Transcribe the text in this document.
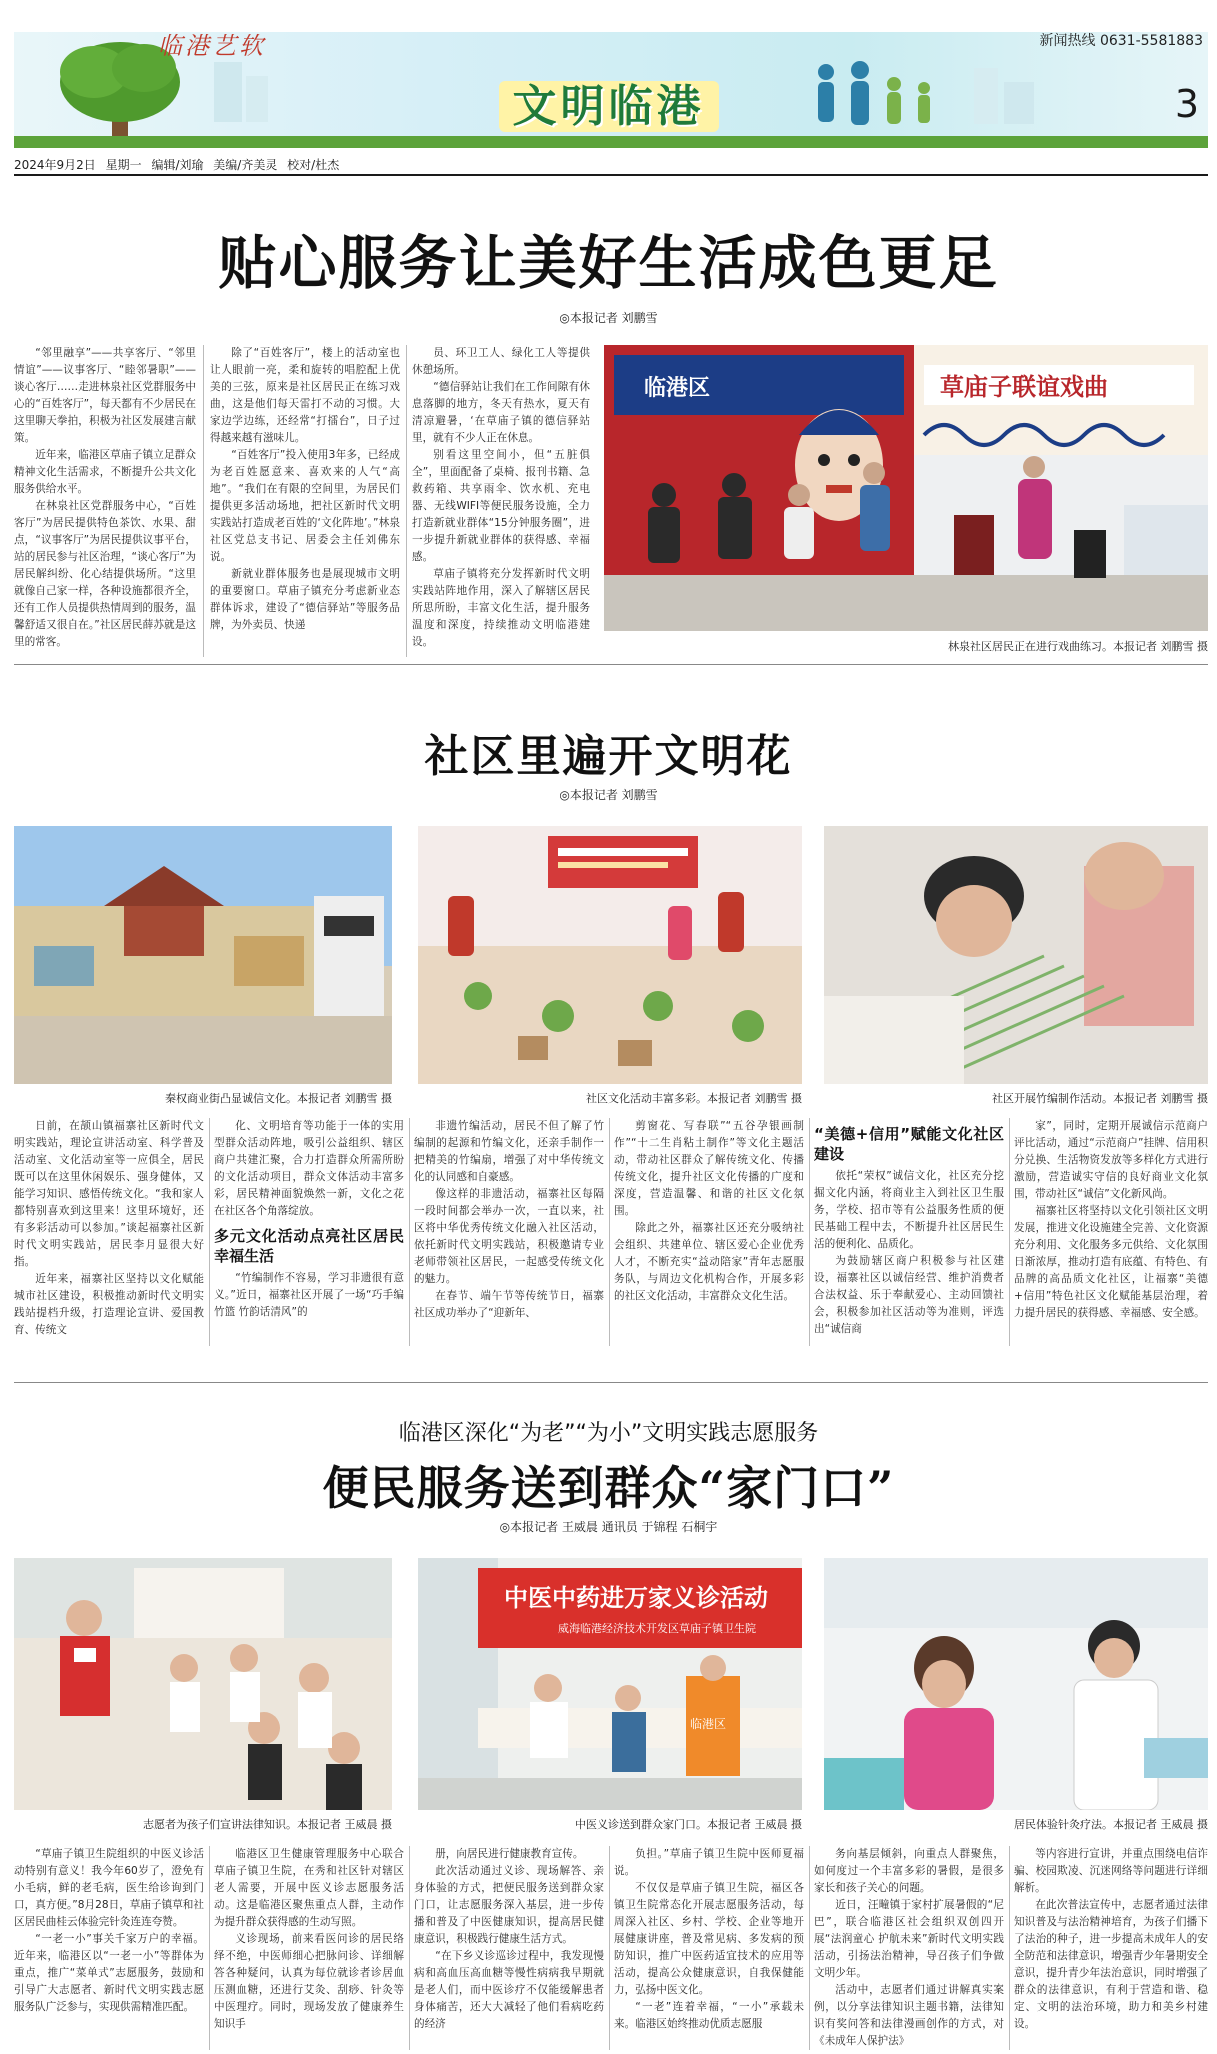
临港艺软	新闻热线 0631-5581883
文明临港	3
2024年9月2日 星期一 编辑/刘瑜 美编/齐美灵 校对/杜杰
贴心服务让美好生活成色更足
◎本报记者 刘鹏雪

“邻里融享”——共享客厅、“邻里情谊”——议事客厅、“睦邻暑职”——谈心客厅……走进林泉社区党群服务中心的“百姓客厅”，每天都有不少居民在这里聊天拳拍，积极为社区发展建言献策。

近年来，临港区草庙子镇立足群众精神文化生活需求，不断提升公共文化服务供给水平。

在林泉社区党群服务中心，“百姓客厅”为居民提供特色茶饮、水果、甜点，“议事客厅”为居民提供议事平台，站的居民参与社区治理，“谈心客厅”为居民解纠纷、化心结提供场所。“这里就像自己家一样，各种设施都很齐全，还有工作人员提供热情周到的服务，温馨舒适又很自在。”社区居民薛苏就是这里的常客。

除了“百姓客厅”，楼上的活动室也让人眼前一亮，柔和旋转的唱腔配上优美的三弦，原来是社区居民正在练习戏曲，这是他们每天雷打不动的习惯。大家边学边练，还经常“打擂台”，日子过得越来越有滋味儿。

“百姓客厅”投入使用3年多，已经成为老百姓愿意来、喜欢来的人气“高地”。“我们在有限的空间里，为居民们提供更多活动场地，把社区新时代文明实践站打造成老百姓的‘文化阵地’。”林泉社区党总支书记、居委会主任刘佛东说。

新就业群体服务也是展现城市文明的重要窗口。草庙子镇充分考虑新业态群体诉求，建设了“德信驿站”等服务品牌，为外卖员、快递

员、环卫工人、绿化工人等提供休憩场所。

“德信驿站让我们在工作间隙有休息落脚的地方，冬天有热水，夏天有清凉避暑，‘在草庙子镇的德信驿站里，就有不少人正在休息。

别看这里空间小，但“五脏俱全”，里面配备了桌椅、报刊书籍、急救药箱、共享雨伞、饮水机、充电器、无线WIFI等便民服务设施，全力打造新就业群体“15分钟服务圈”，进一步提升新就业群体的获得感、幸福感。

草庙子镇将充分发挥新时代文明实践站阵地作用，深入了解辖区居民所思所盼，丰富文化生活，提升服务温度和深度，持续推动文明临港建设。

临港区	草庙子联谊戏曲
林泉社区居民正在进行戏曲练习。本报记者 刘鹏雪 摄
社区里遍开文明花
◎本报记者 刘鹏雪
秦权商业街凸显诚信文化。本报记者 刘鹏雪 摄	社区文化活动丰富多彩。本报记者 刘鹏雪 摄	社区开展竹编制作活动。本报记者 刘鹏雪 摄

日前，在颉山镇福寨社区新时代文明实践站，理论宣讲活动室、科学普及活动室、文化活动室等一应俱全，居民既可以在这里休闲娱乐、强身健体，又能学习知识、感悟传统文化。“我和家人都特别喜欢到这里来！这里环境好，还有多彩活动可以参加。”谈起福寨社区新时代文明实践站，居民李月显很大好指。

近年来，福寨社区坚持以文化赋能城市社区建设，积极推动新时代文明实践站提档升级，打造理论宣讲、爱国教育、传统文

化、文明培育等功能于一体的实用型群众活动阵地，吸引公益组织、辖区商户共建汇聚，合力打造群众所需所盼的文化活动项目，群众文体活动丰富多彩，居民精神面貌焕然一新，文化之花在社区各个角落绽放。

多元文化活动点亮社区居民幸福生活

“竹编制作不容易，学习非遗很有意义。”近日，福寨社区开展了一场“巧手编竹篮 竹韵话清风”的

非遗竹编活动，居民不但了解了竹编制的起源和竹编文化，还亲手制作一把精美的竹编扇，增强了对中华传统文化的认同感和自豪感。

像这样的非遗活动，福寨社区每隔一段时间都会举办一次，一直以来，社区将中华优秀传统文化融入社区活动，依托新时代文明实践站，积极邀请专业老师带领社区居民，一起感受传统文化的魅力。

在春节、端午节等传统节日，福寨社区成功举办了“迎新年、

剪窗花、写春联”“五谷孕银画制作”“十二生肖粘土制作”等文化主题活动，带动社区群众了解传统文化、传播传统文化，提升社区文化传播的广度和深度，营造温馨、和谐的社区文化氛围。

除此之外，福寨社区还充分吸纳社会组织、共建单位、辖区爱心企业优秀人才，不断充实“益动陪家”青年志愿服务队，与周边文化机构合作，开展多彩的社区文化活动，丰富群众文化生活。

“美德+信用”赋能文化社区建设

依托“荣权”诚信文化，社区充分挖掘文化内涵，将商业主入到社区卫生服务，学校、招市等有公益服务性质的便民基础工程中去，不断提升社区居民生活的便利化、品质化。

为鼓励辖区商户积极参与社区建设，福寨社区以诚信经营、维护消费者合法权益、乐于奉献爱心、主动回馈社会，积极参加社区活动等为准则，评选出“诚信商

家”，同时，定期开展诚信示范商户评比活动，通过“示范商户”挂牌、信用积分兑换、生活物资发放等多样化方式进行激励，营造诚实守信的良好商业文化氛围，带动社区“诚信”文化新风尚。

福寨社区将坚持以文化引领社区文明发展，推进文化设施建全完善、文化资源充分利用、文化服务多元供给、文化氛围日渐浓厚，推动打造有底蕴、有特色、有品牌的高品质文化社区，让福寨“美德+信用”特色社区文化赋能基层治理，着力提升居民的获得感、幸福感、安全感。

临港区深化“为老”“为小”文明实践志愿服务
便民服务送到群众“家门口”
◎本报记者 王威晨 通讯员 于锦程 石桐宇
志愿者为孩子们宣讲法律知识。本报记者 王威晨 摄
中医中药进万家义诊活动
威海临港经济技术开发区草庙子镇卫生院
临港区
中医义诊送到群众家门口。本报记者 王威晨 摄	居民体验针灸疗法。本报记者 王威晨 摄

“草庙子镇卫生院组织的中医义诊活动特别有意义！我今年60岁了，澄免有小毛病，鲜的老毛病，医生给诊询到门口，真方便。”8月28日，草庙子镇草和社区居民曲桂云体验完针灸连连夸赞。

“一老一小”事关千家万户的幸福。近年来，临港区以“一老一小”等群体为重点，推广“菜单式”志愿服务，鼓励和引导广大志愿者、新时代文明实践志愿服务队广泛参与，实现供需精准匹配。

临港区卫生健康管理服务中心联合草庙子镇卫生院，在秀和社区针对辖区老人需要，开展中医义诊志愿服务活动。这是临港区聚焦重点人群，主动作为提升群众获得感的生动写照。

义诊现场，前来看医问诊的居民络绎不绝，中医师细心把脉问诊、详细解答各种疑问，认真为每位就诊者诊居血压测血糖，还进行艾灸、刮痧、针灸等中医理疗。同时，现场发放了健康养生知识手

册，向居民进行健康教育宣传。

此次活动通过义诊、现场解答、亲身体验的方式，把便民服务送到群众家门口，让志愿服务深入基层，进一步传播和普及了中医健康知识，提高居民健康意识，积极践行健康生活方式。

“在下乡义诊巡诊过程中，我发现慢病和高血压高血糖等慢性病病我早期就是老人们，而中医诊疗不仅能缓解患者身体痛苦，还大大减轻了他们看病吃药的经济

负担。”草庙子镇卫生院中医师夏福说。

不仅仅是草庙子镇卫生院，福区各镇卫生院常态化开展志愿服务活动，每周深入社区、乡村、学校、企业等地开展健康讲座，普及常见病、多发病的预防知识，推广中医药适宜技术的应用等活动，提高公众健康意识，自我保健能力，弘扬中医文化。

“一老”连着幸福，“一小”承载未来。临港区始终推动优质志愿服

务向基层倾斜，向重点人群聚焦，如何度过一个丰富多彩的暑假，是很多家长和孩子关心的问题。

近日，汪疃镇于家村扩展暑假的“尼巴”，联合临港区社会组织双创四开展“法润童心 护航未来”新时代文明实践活动，引扬法治精神，导召孩子们争做文明少年。

活动中，志愿者们通过讲解真实案例，以分享法律知识主题书籍，法律知识有奖问答和法律漫画创作的方式，对《未成年人保护法》

等内容进行宣讲，并重点围绕电信诈骗、校园欺凌、沉迷网络等问题进行详细解析。

在此次普法宣传中，志愿者通过法律知识普及与法治精神培育，为孩子们播下了法治的种子，进一步提高未成年人的安全防范和法律意识，增强青少年暑期安全意识，提升青少年法治意识，同时增强了群众的法律意识，有利于营造和谐、稳定、文明的法治环境，助力和美乡村建设。
